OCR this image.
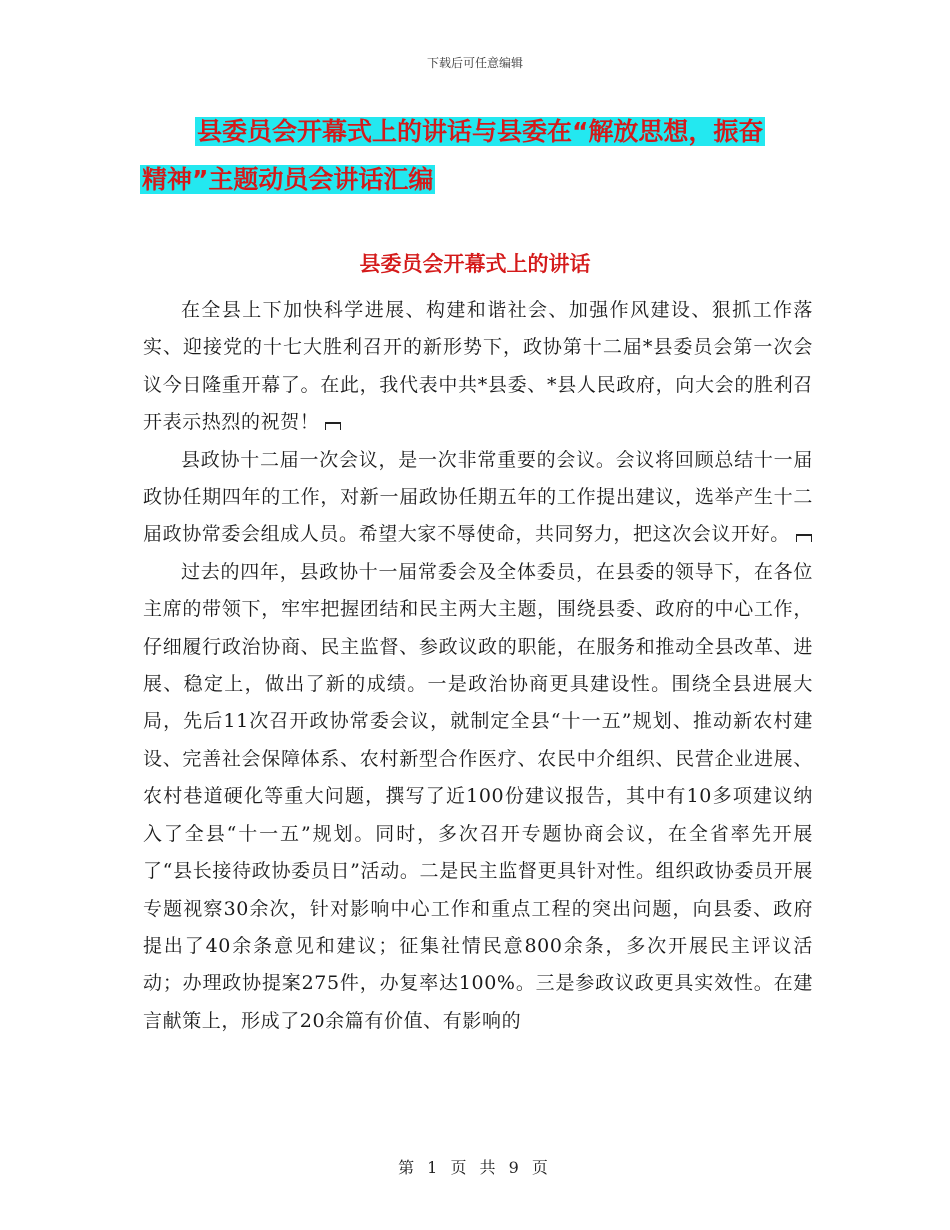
下载后可任意编辑
县委员会开幕式上的讲话与县委在“解放思想，振奋
精神”主题动员会讲话汇编
县委员会开幕式上的讲话

在全县上下加快科学进展、构建和谐社会、加强作风建设、狠抓工作落实、迎接党的十七大胜利召开的新形势下，政协第十二届*县委员会第一次会议今日隆重开幕了。在此，我代表中共*县委、*县人民政府，向大会的胜利召开表示热烈的祝贺！

县政协十二届一次会议，是一次非常重要的会议。会议将回顾总结十一届政协任期四年的工作，对新一届政协任期五年的工作提出建议，选举产生十二届政协常委会组成人员。希望大家不辱使命，共同努力，把这次会议开好。

过去的四年，县政协十一届常委会及全体委员，在县委的领导下，在各位主席的带领下，牢牢把握团结和民主两大主题，围绕县委、政府的中心工作，仔细履行政治协商、民主监督、参政议政的职能，在服务和推动全县改革、进展、稳定上，做出了新的成绩。一是政治协商更具建设性。围绕全县进展大局，先后11次召开政协常委会议，就制定全县“十一五”规划、推动新农村建设、完善社会保障体系、农村新型合作医疗、农民中介组织、民营企业进展、农村巷道硬化等重大问题，撰写了近100份建议报告，其中有10多项建议纳入了全县“十一五”规划。同时，多次召开专题协商会议，在全省率先开展了“县长接待政协委员日”活动。二是民主监督更具针对性。组织政协委员开展专题视察30余次，针对影响中心工作和重点工程的突出问题，向县委、政府提出了40余条意见和建议；征集社情民意800余条，多次开展民主评议活动；办理政协提案275件，办复率达100%。三是参政议政更具实效性。在建言献策上，形成了20余篇有价值、有影响的

第 1 页 共 9 页
